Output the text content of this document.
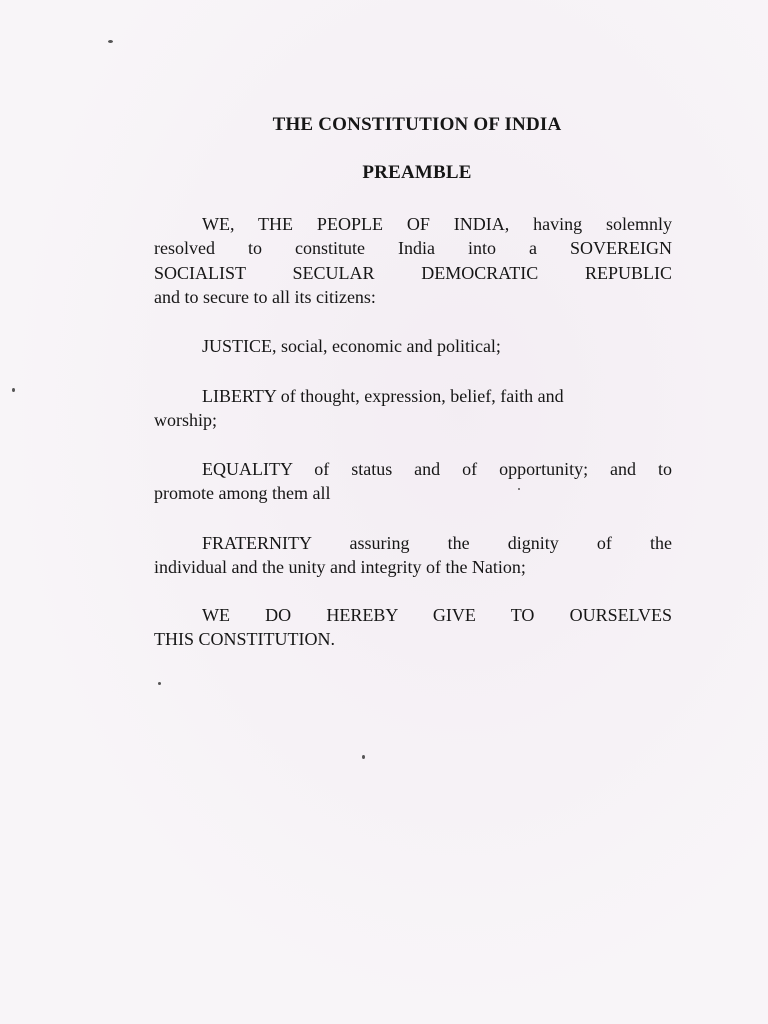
THE CONSTITUTION OF INDIA
PREAMBLE

WE, THE PEOPLE OF INDIA, having solemnly

resolved to constitute India into a SOVEREIGN

SOCIALIST SECULAR DEMOCRATIC REPUBLIC

and to secure to all its citizens:

JUSTICE, social, economic and political;

LIBERTY of thought, expression, belief, faith and

worship;

EQUALITY of status and of opportunity; and to

promote among them all

FRATERNITY assuring the dignity of the

individual and the unity and integrity of the Nation;

WE DO HEREBY GIVE TO OURSELVES

THIS CONSTITUTION.
